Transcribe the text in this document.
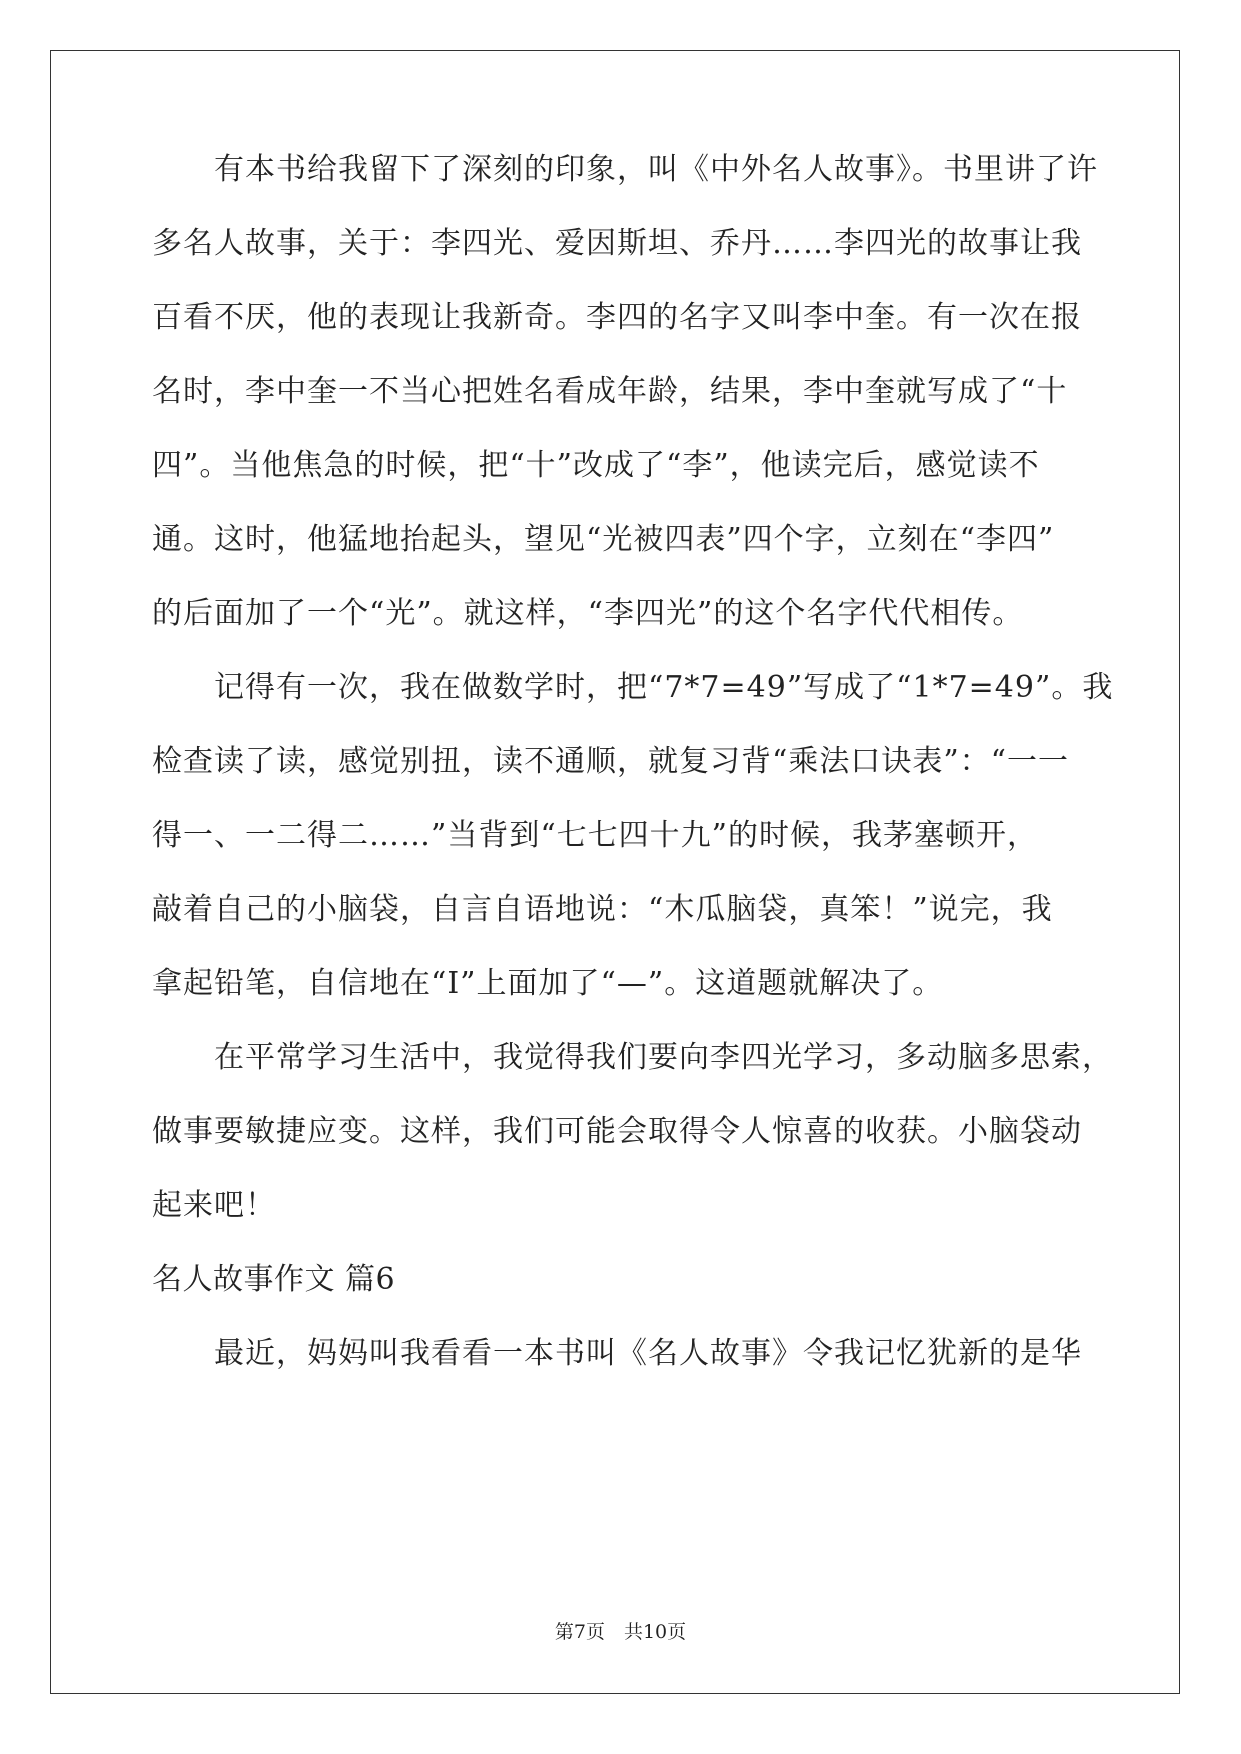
有本书给我留下了深刻的印象，叫《中外名人故事》。书里讲了许
多名人故事，关于：李四光、爱因斯坦、乔丹……李四光的故事让我
百看不厌，他的表现让我新奇。李四的名字又叫李中奎。有一次在报
名时，李中奎一不当心把姓名看成年龄，结果，李中奎就写成了“十
四”。当他焦急的时候，把“十”改成了“李”，他读完后，感觉读不
通。这时，他猛地抬起头，望见“光被四表”四个字，立刻在“李四”
的后面加了一个“光”。就这样，“李四光”的这个名字代代相传。
记得有一次，我在做数学时，把“7*7=49”写成了“1*7=49”。我
检查读了读，感觉别扭，读不通顺，就复习背“乘法口诀表”：“一一
得一、一二得二……”当背到“七七四十九”的时候，我茅塞顿开，
敲着自己的小脑袋，自言自语地说：“木瓜脑袋，真笨！”说完，我
拿起铅笔，自信地在“I”上面加了“—”。这道题就解决了。
在平常学习生活中，我觉得我们要向李四光学习，多动脑多思索，
做事要敏捷应变。这样，我们可能会取得令人惊喜的收获。小脑袋动
起来吧！
名人故事作文 篇6
最近，妈妈叫我看看一本书叫《名人故事》令我记忆犹新的是华
第7页　共10页
